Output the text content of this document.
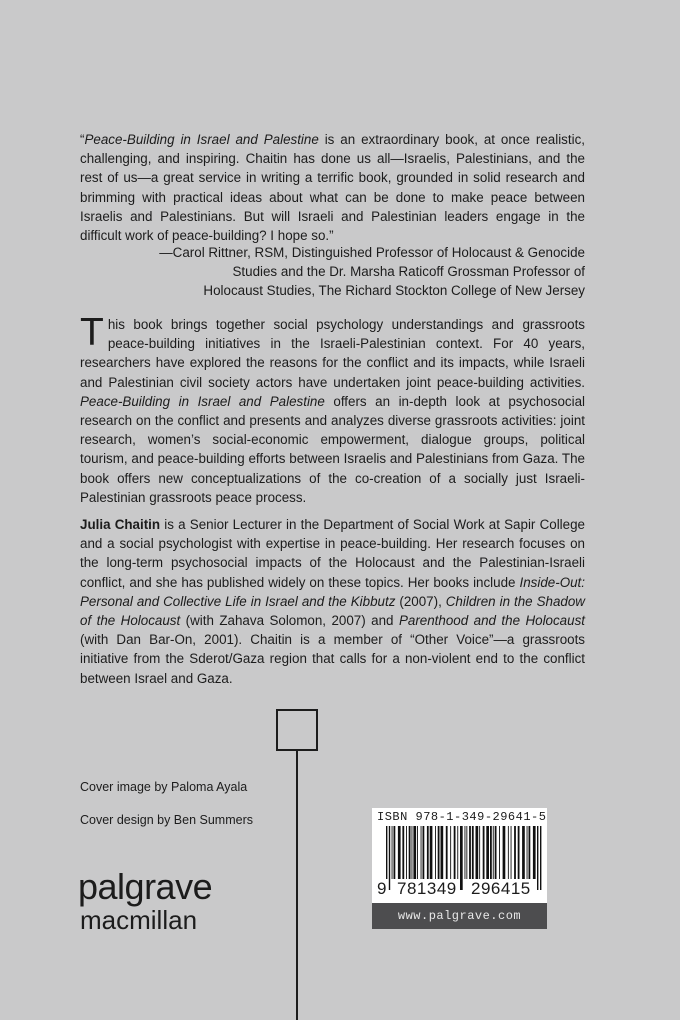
“Peace-Building in Israel and Palestine is an extraordinary book, at once realistic, challenging, and inspiring. Chaitin has done us all—Israelis, Palestinians, and the rest of us—a great service in writing a terrific book, grounded in solid research and brimming with practical ideas about what can be done to make peace between Israelis and Palestinians. But will Israeli and Palestinian leaders engage in the difficult work of peace-building? I hope so.”

—Carol Rittner, RSM, Distinguished Professor of Holocaust & Genocide
Studies and the Dr. Marsha Raticoff Grossman Professor of
Holocaust Studies, The Richard Stockton College of New Jersey

This book brings together social psychology understandings and grassroots peace-building initiatives in the Israeli-Palestinian context. For 40 years, researchers have explored the reasons for the conflict and its impacts, while Israeli and Palestinian civil society actors have undertaken joint peace-building activities. Peace-Building in Israel and Palestine offers an in-depth look at psychosocial research on the conflict and presents and analyzes diverse grassroots activities: joint research, women’s social-economic empowerment, dialogue groups, political tourism, and peace-building efforts between Israelis and Palestinians from Gaza. The book offers new conceptualizations of the co-creation of a socially just Israeli-Palestinian grassroots peace process.

Julia Chaitin is a Senior Lecturer in the Department of Social Work at Sapir College and a social psychologist with expertise in peace-building. Her research focuses on the long-term psychosocial impacts of the Holocaust and the Palestinian-Israeli conflict, and she has published widely on these topics. Her books include Inside-Out: Personal and Collective Life in Israel and the Kibbutz (2007), Children in the Shadow of the Holocaust (with Zahava Solomon, 2007) and Parenthood and the Holocaust (with Dan Bar-On, 2001). Chaitin is a member of “Other Voice”—a grassroots initiative from the Sderot/Gaza region that calls for a non-violent end to the conflict between Israel and Gaza.

Cover image by Paloma Ayala
Cover design by Ben Summers
palgrave
macmillan
ISBN 978-1-349-29641-5
9 781349 296415
www.palgrave.com
